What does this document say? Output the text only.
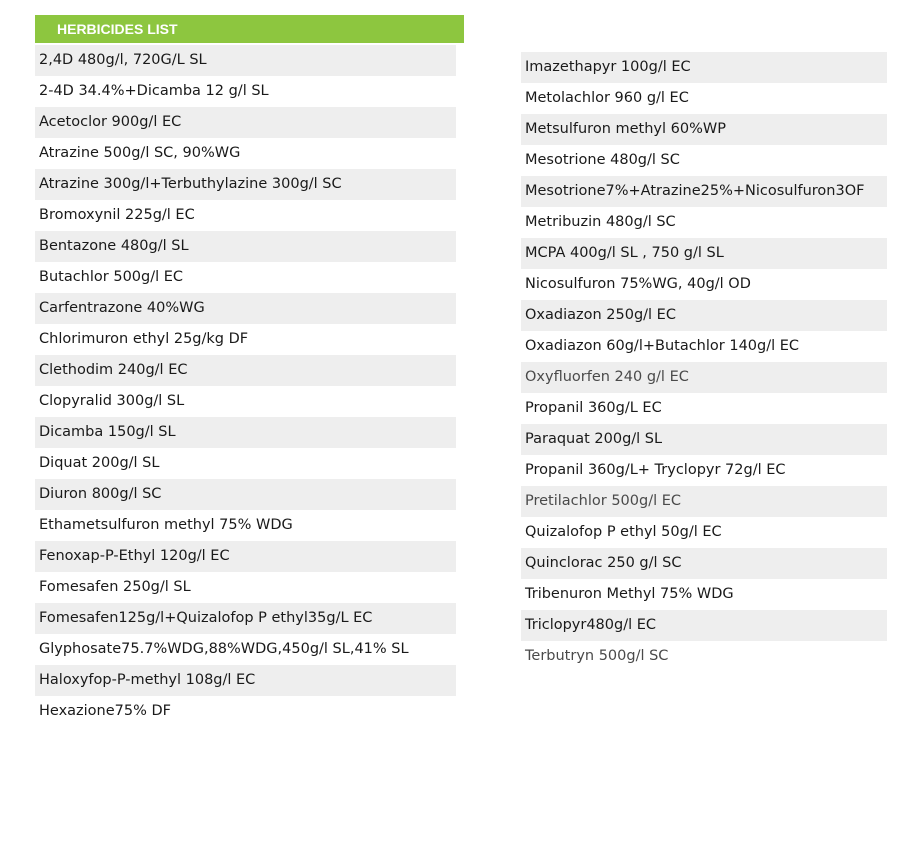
HERBICIDES LIST
2,4D 480g/l, 720G/L SL
2-4D 34.4%+Dicamba 12 g/l SL
Acetoclor 900g/l EC
Atrazine 500g/l SC, 90%WG
Atrazine 300g/l+Terbuthylazine 300g/l SC
Bromoxynil 225g/l EC
Bentazone 480g/l SL
Butachlor 500g/l EC
Carfentrazone 40%WG
Chlorimuron ethyl 25g/kg DF
Clethodim 240g/l EC
Clopyralid 300g/l SL
Dicamba 150g/l SL
Diquat 200g/l SL
Diuron 800g/l SC
Ethametsulfuron methyl 75% WDG
Fenoxap-P-Ethyl 120g/l EC
Fomesafen 250g/l SL
Fomesafen125g/l+Quizalofop P ethyl35g/L EC
Glyphosate75.7%WDG,88%WDG,450g/l SL,41% SL
Haloxyfop-P-methyl 108g/l EC
Hexazione75% DF
Imazethapyr 100g/l EC
Metolachlor 960 g/l EC
Metsulfuron methyl 60%WP
Mesotrione 480g/l SC
Mesotrione7%+Atrazine25%+Nicosulfuron3OF
Metribuzin 480g/l SC
MCPA 400g/l SL , 750 g/l SL
Nicosulfuron 75%WG, 40g/l OD
Oxadiazon 250g/l EC
Oxadiazon 60g/l+Butachlor 140g/l EC
Oxyfluorfen 240 g/l EC
Propanil 360g/L EC
Paraquat 200g/l SL
Propanil 360g/L+ Tryclopyr 72g/l EC
Pretilachlor 500g/l EC
Quizalofop P ethyl 50g/l EC
Quinclorac 250 g/l SC
Tribenuron Methyl 75% WDG
Triclopyr480g/l EC
Terbutryn 500g/l SC
